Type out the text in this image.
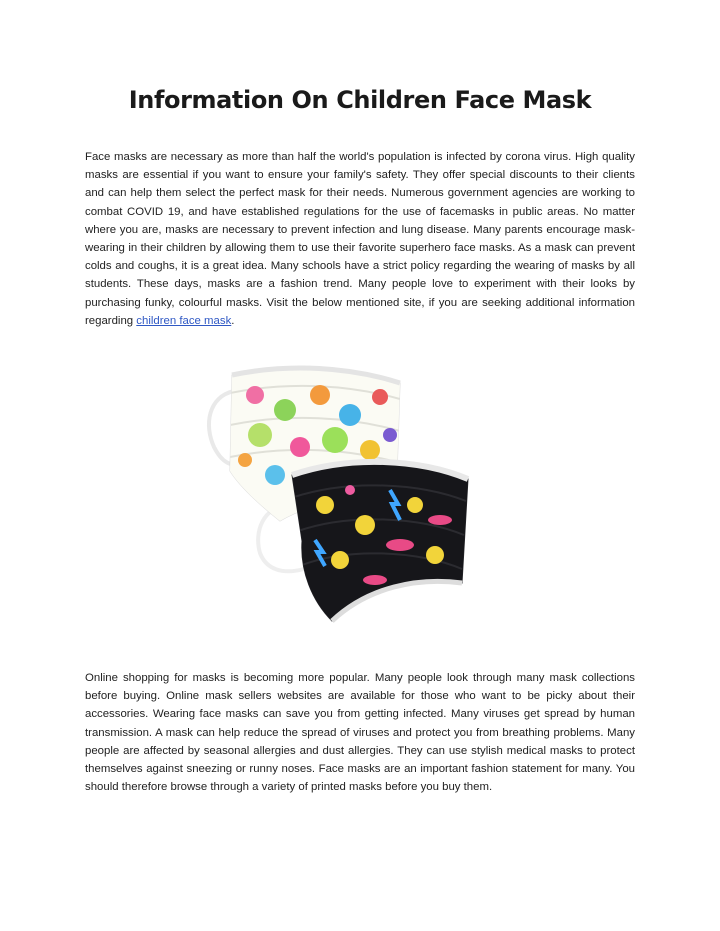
Information On Children Face Mask

Face masks are necessary as more than half the world's population is infected by corona virus. High quality masks are essential if you want to ensure your family's safety. They offer special discounts to their clients and can help them select the perfect mask for their needs. Numerous government agencies are working to combat COVID 19, and have established regulations for the use of facemasks in public areas. No matter where you are, masks are necessary to prevent infection and lung disease. Many parents encourage mask-wearing in their children by allowing them to use their favorite superhero face masks. As a mask can prevent colds and coughs, it is a great idea. Many schools have a strict policy regarding the wearing of masks by all students. These days, masks are a fashion trend. Many people love to experiment with their looks by purchasing funky, colourful masks. Visit the below mentioned site, if you are seeking additional information regarding children face mask.

Online shopping for masks is becoming more popular. Many people look through many mask collections before buying. Online mask sellers websites are available for those who want to be picky about their accessories. Wearing face masks can save you from getting infected. Many viruses get spread by human transmission. A mask can help reduce the spread of viruses and protect you from breathing problems. Many people are affected by seasonal allergies and dust allergies. They can use stylish medical masks to protect themselves against sneezing or runny noses. Face masks are an important fashion statement for many. You should therefore browse through a variety of printed masks before you buy them.
